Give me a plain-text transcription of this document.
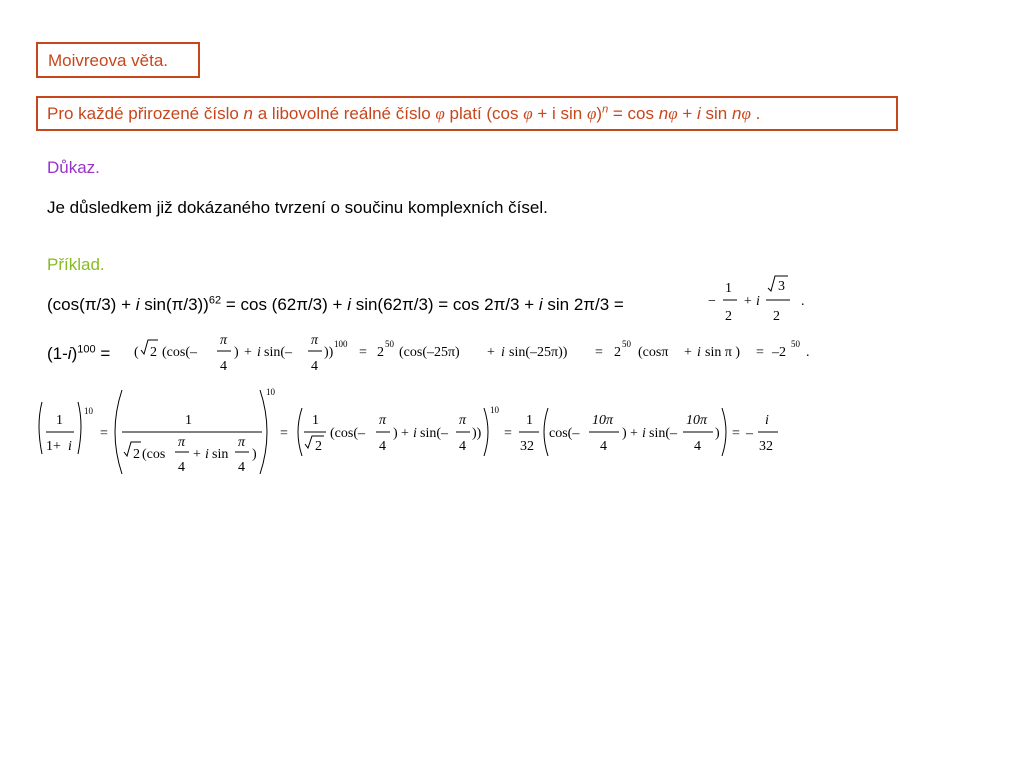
Moivreova věta.
Pro každé přirozené číslo n a libovolné reálné číslo φ platí (cos φ + i sin φ)$^n$ = cos nφ + i sin nφ .
Důkaz.
Je důsledkem již dokázaného tvrzení o součinu komplexních čísel.
Příklad.
(cos(π/3) + i sin(π/3))$^{62}$ = cos (62π/3) + i sin(62π/3) = cos 2π/3 + i sin 2π/3 =	−
1
2
+ i
3
2
.
$(1-i)^{100}$ = ( 2 (cos(–
π
4
) + i sin(–
π
4
))
100
= 2
50
(cos(–25π) + i sin(–25π)) = 2
50
(cosπ + i sin π ) = –2
50
.
1
1+ i
10
=
1
2 (cos
π
4
+ i sin
π
4
)
10
=
1
2
(cos(–
π
4
) + i sin(–
π
4
))
10
=
1
32
cos(–
10π
4
) + i sin(–
10π
4
) = –
i
32
